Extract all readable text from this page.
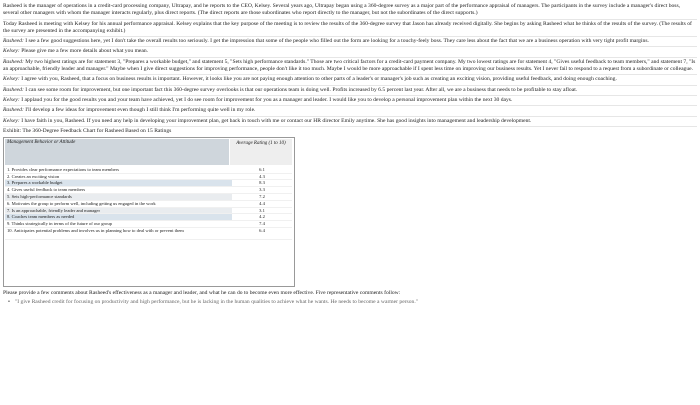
Rasheed is the manager of operations in a credit-card processing company, Ultrapay, and he reports to the CEO, Kelsey. Several years ago, Ultrapay began using a 360-degree survey as a major part of the performance appraisal of managers. The participants in the survey include a manager's direct boss, several other managers with whom the manager interacts regularly, plus direct reports. (The direct reports are those subordinates who report directly to the manager, but not the subordinates of the direct supports.)

Today Rasheed is meeting with Kelsey for his annual performance appraisal. Kelsey explains that the key purpose of the meeting is to review the results of the 360-degree survey that Jason has already received digitally. She begins by asking Rasheed what he thinks of the results of the survey. (The results of the survey are presented in the accompanying exhibit.)

Rasheed: I see a few good suggestions here, yet I don't take the overall results too seriously. I get the impression that some of the people who filled out the form are looking for a touchy-feely boss. They care less about the fact that we are a business operation with very tight profit margins.

Kelsey: Please give me a few more details about what you mean.

Rasheed: My two highest ratings are for statement 3, "Prepares a workable budget," and statement 5, "Sets high performance standards." Those are two critical factors for a credit-card payment company. My two lowest ratings are for statement 4, "Gives useful feedback to team members," and statement 7, "Is an approachable, friendly leader and manager." Maybe when I give direct suggestions for improving performance, people don't like it too much. Maybe I would be more approachable if I spent less time on improving our business results. Yet I never fail to respond to a request from a subordinate or colleague.

Kelsey: I agree with you, Rasheed, that a focus on business results is important. However, it looks like you are not paying enough attention to other parts of a leader's or manager's job such as creating an exciting vision, providing useful feedback, and doing enough coaching.

Rasheed: I can see some room for improvement, but one important fact this 360-degree survey overlooks is that our operations team is doing well. Profits increased by 6.5 percent last year. After all, we are a business that needs to be profitable to stay afloat.

Kelsey: I applaud you for the good results you and your team have achieved, yet I do see room for improvement for you as a manager and leader. I would like you to develop a personal improvement plan within the next 30 days.

Rasheed: I'll develop a few ideas for improvement even though I still think I'm performing quite well in my role.

Kelsey: I have faith in you, Rasheed. If you need any help in developing your improvement plan, get back in touch with me or contact our HR director Emily anytime. She has good insights into management and leadership development.

Exhibit: The 360-Degree Feedback Chart for Rasheed Based on 15 Ratings

Management Behavior or Attitude	Average Rating (1 to 10)
1. Provides clear performance expectations to team members	6.1
2. Creates an exciting vision	4.3
3. Prepares a workable budget	8.3
4. Gives useful feedback to team members	3.3
5. Sets high-performance standards	7.2
6. Motivates the group to perform well, including getting us engaged in the work	4.4
7. Is an approachable, friendly leader and manager	3.1
8. Coaches team members as needed	4.2
9. Thinks strategically in terms of the future of our group	7.4
10. Anticipates potential problems and involves us in planning how to deal with or prevent them	6.4

Please provide a few comments about Rasheed's effectiveness as a manager and leader, and what he can do to become even more effective. Five representative comments follow:

• "I give Rasheed credit for focusing on productivity and high performance, but he is lacking in the human qualities to achieve what he wants. He needs to become a warmer person."
